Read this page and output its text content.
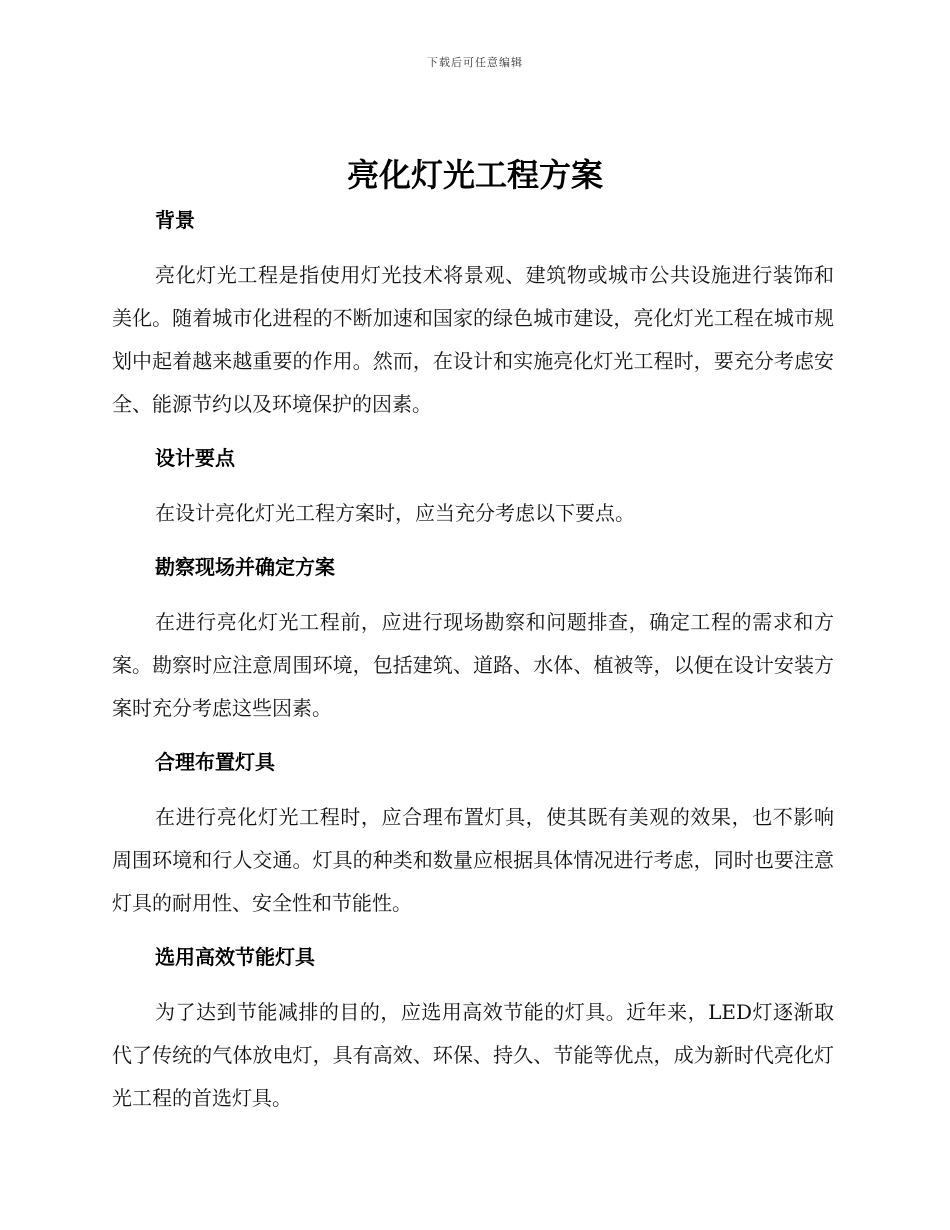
下载后可任意编辑
亮化灯光工程方案
背景

亮化灯光工程是指使用灯光技术将景观、建筑物或城市公共设施进行装饰和美化。随着城市化进程的不断加速和国家的绿色城市建设，亮化灯光工程在城市规划中起着越来越重要的作用。然而，在设计和实施亮化灯光工程时，要充分考虑安全、能源节约以及环境保护的因素。

设计要点

在设计亮化灯光工程方案时，应当充分考虑以下要点。

勘察现场并确定方案

在进行亮化灯光工程前，应进行现场勘察和问题排查，确定工程的需求和方案。勘察时应注意周围环境，包括建筑、道路、水体、植被等，以便在设计安装方案时充分考虑这些因素。

合理布置灯具

在进行亮化灯光工程时，应合理布置灯具，使其既有美观的效果，也不影响周围环境和行人交通。灯具的种类和数量应根据具体情况进行考虑，同时也要注意灯具的耐用性、安全性和节能性。

选用高效节能灯具

为了达到节能减排的目的，应选用高效节能的灯具。近年来，LED灯逐渐取代了传统的气体放电灯，具有高效、环保、持久、节能等优点，成为新时代亮化灯光工程的首选灯具。
